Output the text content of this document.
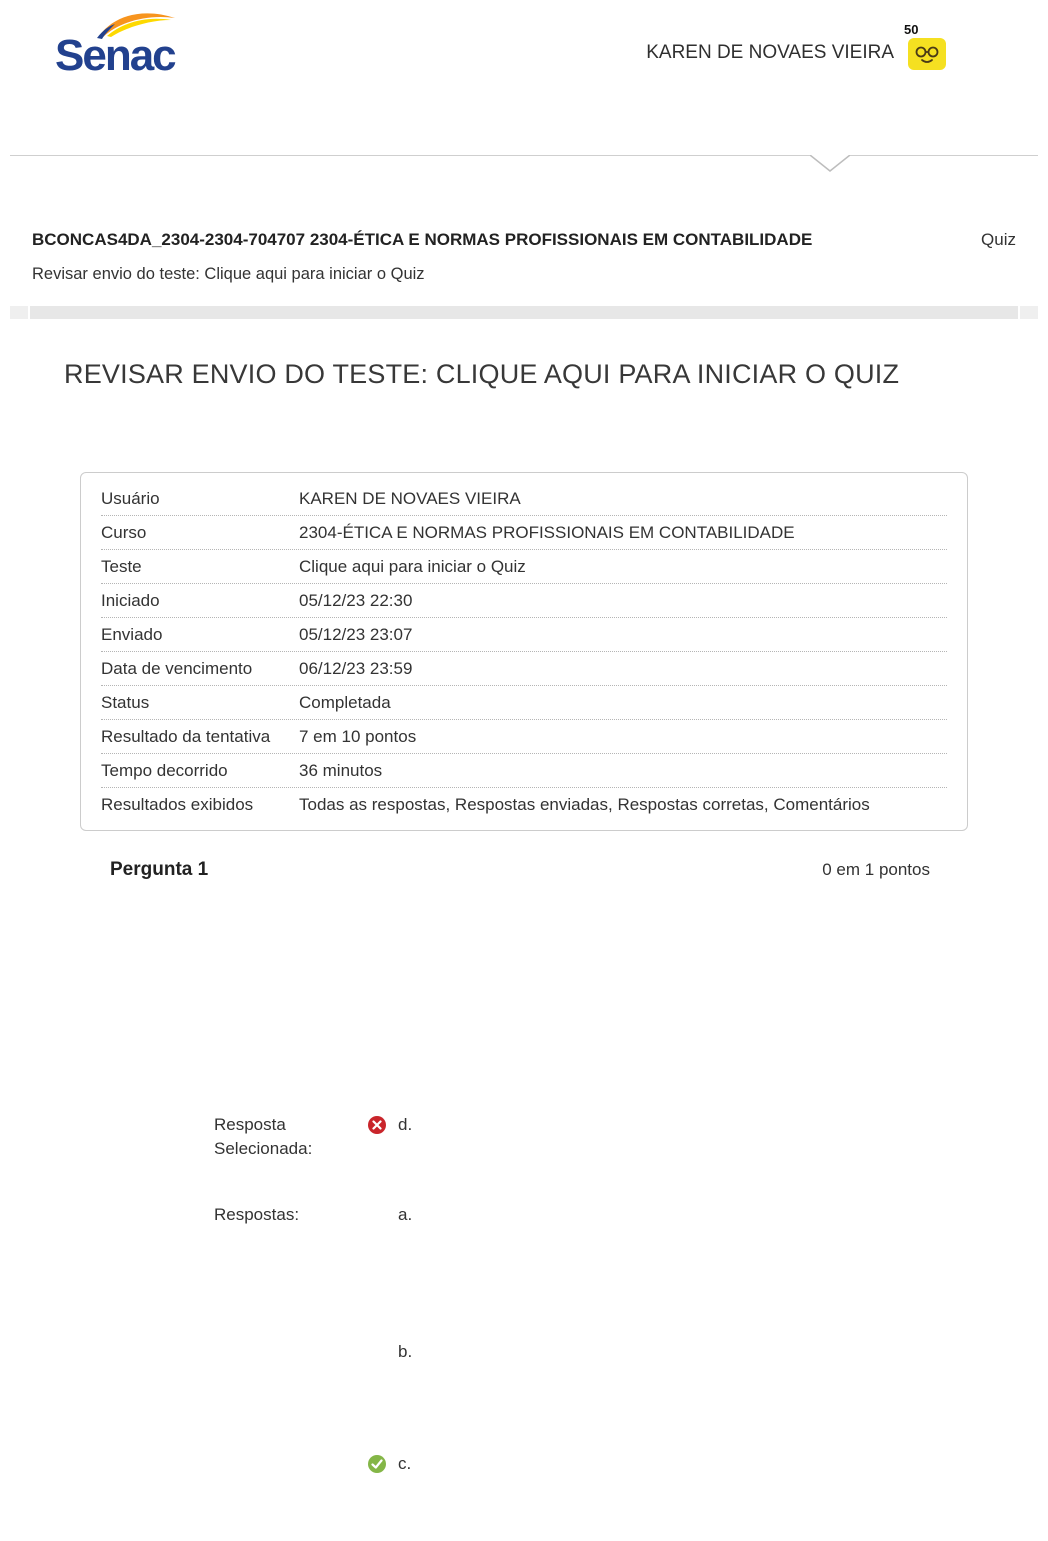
Senac	KAREN DE NOVAES VIEIRA
50
BCONCAS4DA_2304-2304-704707 2304-ÉTICA E NORMAS PROFISSIONAIS EM CONTABILIDADE	Quiz
Revisar envio do teste: Clique aqui para iniciar o Quiz
REVISAR ENVIO DO TESTE: CLIQUE AQUI PARA INICIAR O QUIZ
Usuário	KAREN DE NOVAES VIEIRA
Curso	2304-ÉTICA E NORMAS PROFISSIONAIS EM CONTABILIDADE
Teste	Clique aqui para iniciar o Quiz
Iniciado	05/12/23 22:30
Enviado	05/12/23 23:07
Data de vencimento	06/12/23 23:59
Status	Completada
Resultado da tentativa	7 em 10 pontos
Tempo decorrido	36 minutos
Resultados exibidos	Todas as respostas, Respostas enviadas, Respostas corretas, Comentários
Pergunta 1	0 em 1 pontos
Resposta Selecionada:
d.
Respostas:	a.
b.
c.
